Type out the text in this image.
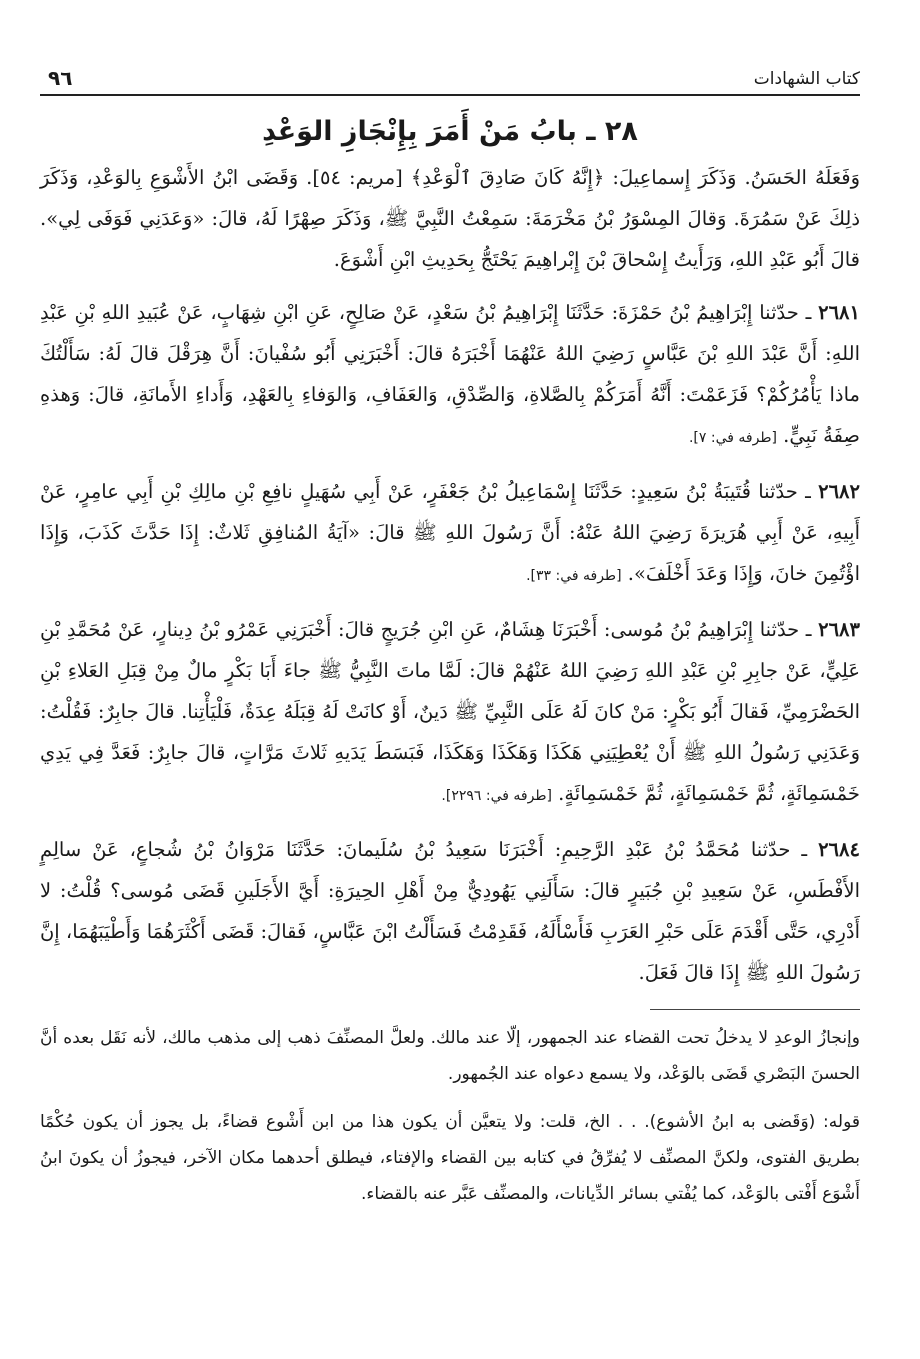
كتاب الشهادات
٩٦
٢٨ ـ بابُ مَنْ أَمَرَ بِإِنْجَازِ الوَعْدِ

وَفَعَلَهُ الحَسَنُ. وَذَكَرَ إِسماعِيلَ: ﴿إِنَّهُ كَانَ صَادِقَ ٱلْوَعْدِ﴾ [مريم: ٥٤]. وَقَضَى ابْنُ الأَشْوَعِ بِالوَعْدِ، وَذَكَرَ ذلِكَ عَنْ سَمُرَةَ. وَقالَ المِسْوَرُ بْنُ مَخْرَمَةَ: سَمِعْتُ النَّبِيَّ ﷺ، وَذَكَرَ صِهْرًا لَهُ، قالَ: «وَعَدَنِي فَوَفَى لِي». قالَ أَبُو عَبْدِ اللهِ، وَرَأَيتُ إِسْحاقَ بْنَ إِبْراهِيمَ يَحْتَجُّ بِحَدِيثِ ابْنِ أَشْوَعَ.

٢٦٨١ ـ حدّثنا إِبْرَاهِيمُ بْنُ حَمْزَةَ: حَدَّثَنَا إِبْرَاهِيمُ بْنُ سَعْدٍ، عَنْ صَالِحٍ، عَنِ ابْنِ شِهَابٍ، عَنْ عُبَيدِ اللهِ بْنِ عَبْدِ اللهِ: أَنَّ عَبْدَ اللهِ بْنَ عَبَّاسٍ رَضِيَ اللهُ عَنْهُمَا أَخْبَرَهُ قالَ: أَخْبَرَنِي أَبُو سُفْيانَ: أَنَّ هِرَقْلَ قالَ لَهُ: سَأَلْتُكَ ماذا يَأْمُرُكُمْ؟ فَزَعَمْتَ: أَنَّهُ أَمَرَكُمْ بِالصَّلاةِ، وَالصِّدْقِ، وَالعَفَافِ، وَالوَفاءِ بِالعَهْدِ، وَأَداءِ الأَمانَةِ، قالَ: وَهذهِ صِفَةُ نَبِيٍّ. [طرفه في: ٧].

٢٦٨٢ ـ حدّثنا قُتَيبَةُ بْنُ سَعِيدٍ: حَدَّثَنَا إِسْمَاعِيلُ بْنُ جَعْفَرٍ، عَنْ أَبِي سُهَيلٍ نافِعِ بْنِ مالِكِ بْنِ أَبِي عامِرٍ، عَنْ أَبِيهِ، عَنْ أَبِي هُرَيرَةَ رَضِيَ اللهُ عَنْهُ: أَنَّ رَسُولَ اللهِ ﷺ قالَ: «آيَةُ المُنافِقِ ثَلاثٌ: إِذَا حَدَّثَ كَذَبَ، وَإِذَا اؤْتُمِنَ خانَ، وَإِذَا وَعَدَ أَخْلَفَ». [طرفه في: ٣٣].

٢٦٨٣ ـ حدّثنا إِبْرَاهِيمُ بْنُ مُوسى: أَخْبَرَنَا هِشَامٌ، عَنِ ابْنِ جُرَيجٍ قالَ: أَخْبَرَنِي عَمْرُو بْنُ دِينارٍ، عَنْ مُحَمَّدِ بْنِ عَلِيٍّ، عَنْ جابِرِ بْنِ عَبْدِ اللهِ رَضِيَ اللهُ عَنْهُمْ قالَ: لَمَّا ماتَ النَّبِيُّ ﷺ جاءَ أَبَا بَكْرٍ مالٌ مِنْ قِبَلِ العَلاءِ بْنِ الحَضْرَمِيِّ، فَقالَ أَبُو بَكْرٍ: مَنْ كانَ لَهُ عَلَى النَّبِيِّ ﷺ دَينٌ، أَوْ كانَتْ لَهُ قِبَلَهُ عِدَةٌ، فَلْيَأْتِنا. قالَ جابِرٌ: فَقُلْتُ: وَعَدَنِي رَسُولُ اللهِ ﷺ أَنْ يُعْطِيَنِي هَكَذَا وَهَكَذَا وَهَكَذَا، فَبَسَطَ يَدَيهِ ثَلاثَ مَرَّاتٍ، قالَ جابِرٌ: فَعَدَّ فِي يَدِي خَمْسَمِائَةٍ، ثُمَّ خَمْسَمِائَةٍ، ثُمَّ خَمْسَمِائَةٍ. [طرفه في: ٢٢٩٦].

٢٦٨٤ ـ حدّثنا مُحَمَّدُ بْنُ عَبْدِ الرَّحِيمِ: أَخْبَرَنَا سَعِيدُ بْنُ سُلَيمانَ: حَدَّثَنَا مَرْوَانُ بْنُ شُجاعٍ، عَنْ سالِمٍ الأَفْطَسِ، عَنْ سَعِيدِ بْنِ جُبَيرٍ قالَ: سَأَلَنِي يَهُودِيٌّ مِنْ أَهْلِ الحِيرَةِ: أَيَّ الأَجَلَينِ قَضَى مُوسى؟ قُلْتُ: لا أَدْرِي، حَتَّى أَقْدَمَ عَلَى حَبْرِ العَرَبِ فَأَسْأَلَهُ، فَقَدِمْتُ فَسَأَلْتُ ابْنَ عَبَّاسٍ، فَقالَ: قَضَى أَكْثَرَهُمَا وَأَطْيَبَهُمَا، إِنَّ رَسُولَ اللهِ ﷺ إِذَا قالَ فَعَلَ.

وإنجازُ الوعدِ لا يدخلُ تحت القضاء عند الجمهور، إلّا عند مالك. ولعلَّ المصنِّفَ ذهب إلى مذهب مالك، لأنه نَقَل بعده أنَّ الحسنَ البَصْري قَضَى بالوَعْد، ولا يسمع دعواه عند الجُمهور.

قوله: (وَقَضى به ابنُ الأشوع). . . الخ، قلت: ولا يتعيَّن أن يكون هذا من ابن أَشْوع قضاءً، بل يجوز أن يكون حُكْمًا بطريق الفتوى، ولكنَّ المصنِّف لا يُفرِّقُ في كتابه بين القضاء والإفتاء، فيطلق أحدهما مكان الآخر، فيجوزُ أن يكونَ ابنُ أَشْوَع أَفْتى بالوَعْد، كما يُفْتي بسائر الدِّيانات، والمصنِّف عَبَّر عنه بالقضاء.
